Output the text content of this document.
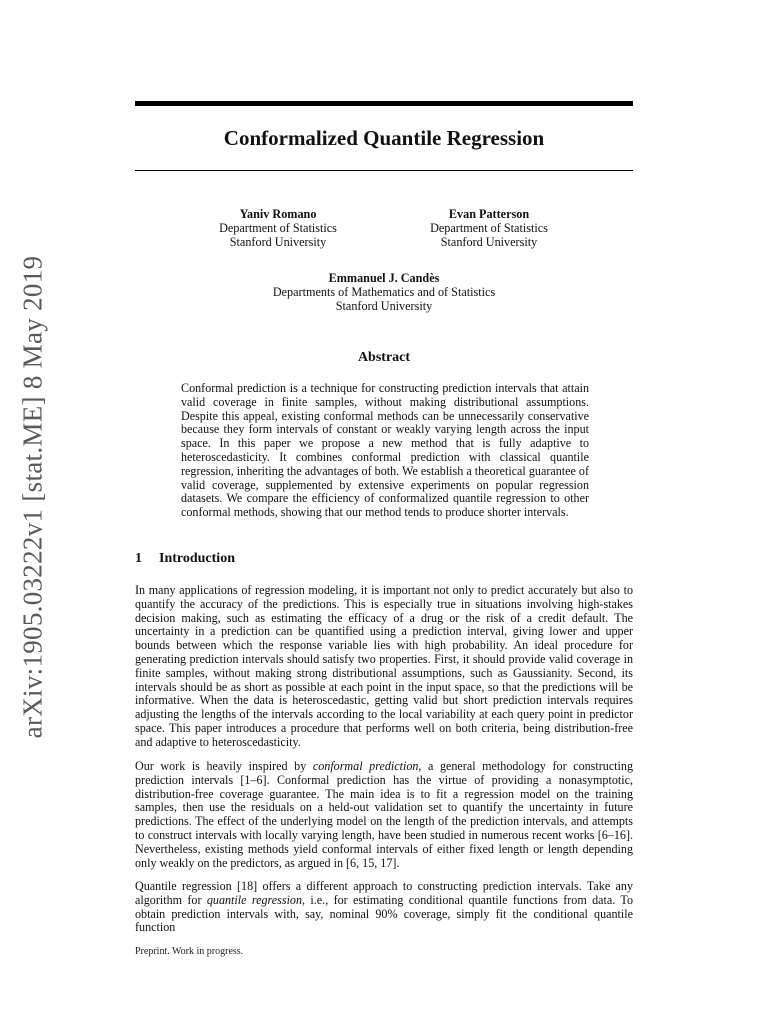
arXiv:1905.03222v1 [stat.ME] 8 May 2019
Conformalized Quantile Regression
Yaniv Romano
Department of Statistics
Stanford University
Evan Patterson
Department of Statistics
Stanford University
Emmanuel J. Candès
Departments of Mathematics and of Statistics
Stanford University
Abstract
Conformal prediction is a technique for constructing prediction intervals that attain valid coverage in finite samples, without making distributional assumptions. Despite this appeal, existing conformal methods can be unnecessarily conservative because they form intervals of constant or weakly varying length across the input space. In this paper we propose a new method that is fully adaptive to heteroscedasticity. It combines conformal prediction with classical quantile regression, inheriting the advantages of both. We establish a theoretical guarantee of valid coverage, supplemented by extensive experiments on popular regression datasets. We compare the efficiency of conformalized quantile regression to other conformal methods, showing that our method tends to produce shorter intervals.
1 Introduction
In many applications of regression modeling, it is important not only to predict accurately but also to quantify the accuracy of the predictions. This is especially true in situations involving high-stakes decision making, such as estimating the efficacy of a drug or the risk of a credit default. The uncertainty in a prediction can be quantified using a prediction interval, giving lower and upper bounds between which the response variable lies with high probability. An ideal procedure for generating prediction intervals should satisfy two properties. First, it should provide valid coverage in finite samples, without making strong distributional assumptions, such as Gaussianity. Second, its intervals should be as short as possible at each point in the input space, so that the predictions will be informative. When the data is heteroscedastic, getting valid but short prediction intervals requires adjusting the lengths of the intervals according to the local variability at each query point in predictor space. This paper introduces a procedure that performs well on both criteria, being distribution-free and adaptive to heteroscedasticity.
Our work is heavily inspired by conformal prediction, a general methodology for constructing prediction intervals [1–6]. Conformal prediction has the virtue of providing a nonasymptotic, distribution-free coverage guarantee. The main idea is to fit a regression model on the training samples, then use the residuals on a held-out validation set to quantify the uncertainty in future predictions. The effect of the underlying model on the length of the prediction intervals, and attempts to construct intervals with locally varying length, have been studied in numerous recent works [6–16]. Nevertheless, existing methods yield conformal intervals of either fixed length or length depending only weakly on the predictors, as argued in [6, 15, 17].
Quantile regression [18] offers a different approach to constructing prediction intervals. Take any algorithm for quantile regression, i.e., for estimating conditional quantile functions from data. To obtain prediction intervals with, say, nominal 90% coverage, simply fit the conditional quantile function
Preprint. Work in progress.
